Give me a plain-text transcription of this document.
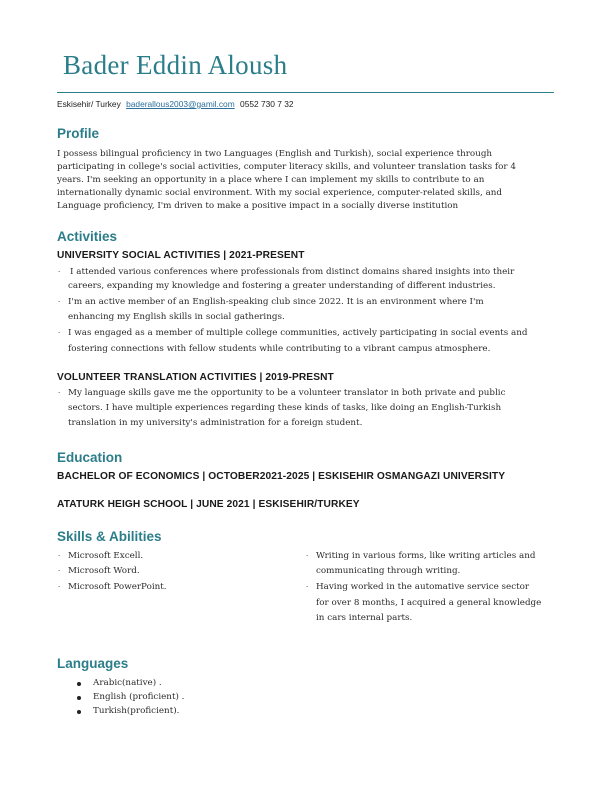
Bader Eddin Aloush
Eskisehir/ Turkey baderallous2003@gamil.com 0552 730 7 32
Profile
I possess bilingual proficiency in two Languages (English and Turkish), social experience through
participating in college's social activities, computer literacy skills, and volunteer translation tasks for 4
years. I'm seeking an opportunity in a place where I can implement my skills to contribute to an
internationally dynamic social environment. With my social experience, computer-related skills, and
Language proficiency, I'm driven to make a positive impact in a socially diverse institution
Activities
UNIVERSITY SOCIAL ACTIVITIES | 2021-PRESENT
· I attended various conferences where professionals from distinct domains shared insights into their
careers, expanding my knowledge and fostering a greater understanding of different industries.
· I'm an active member of an English-speaking club since 2022. It is an environment where I'm
enhancing my English skills in social gatherings.
· I was engaged as a member of multiple college communities, actively participating in social events and
fostering connections with fellow students while contributing to a vibrant campus atmosphere.
VOLUNTEER TRANSLATION ACTIVITIES | 2019-PRESNT
· My language skills gave me the opportunity to be a volunteer translator in both private and public
sectors. I have multiple experiences regarding these kinds of tasks, like doing an English-Turkish
translation in my university's administration for a foreign student.
Education
BACHELOR OF ECONOMICS | OCTOBER2021-2025 | ESKISEHIR OSMANGAZI UNIVERSITY
ATATURK HEIGH SCHOOL | JUNE 2021 | ESKISEHIR/TURKEY
Skills & Abilities
· Microsoft Excell.
· Microsoft Word.
· Microsoft PowerPoint.
· Writing in various forms, like writing articles and
communicating through writing.
· Having worked in the automative service sector
for over 8 months, I acquired a general knowledge
in cars internal parts.
Languages
Arabic(native) .
English (proficient) .
Turkish(proficient).
